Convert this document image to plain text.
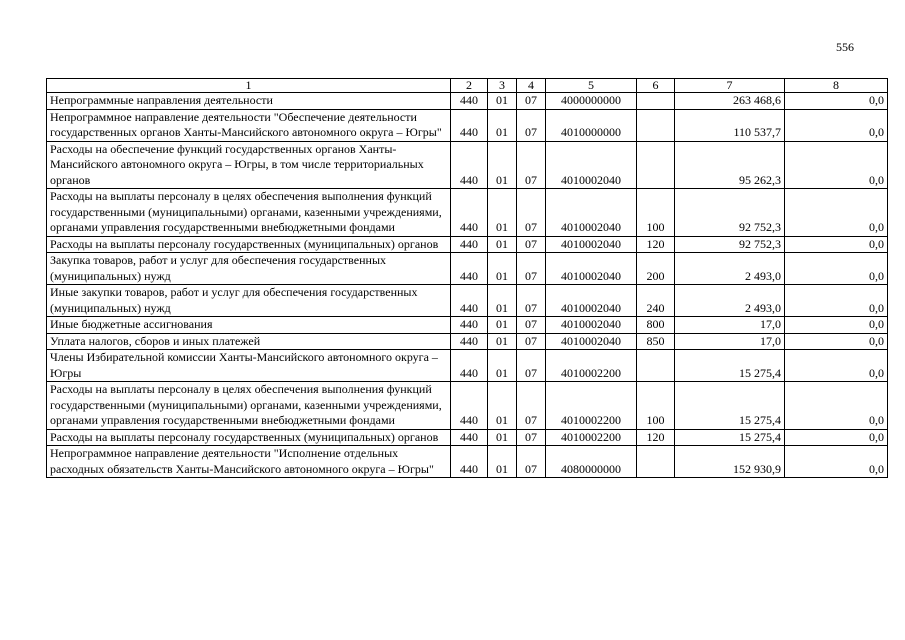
556
1	2	3	4	5	6	7	8
Непрограммные направления деятельности	440	01	07	4000000000		263 468,6	0,0
Непрограммное направление деятельности "Обеспечение деятельности государственных органов Ханты-Мансийского автономного округа – Югры"	440	01	07	4010000000		110 537,7	0,0
Расходы на обеспечение функций государственных органов Ханты-Мансийского автономного округа – Югры, в том числе территориальных органов	440	01	07	4010002040		95 262,3	0,0
Расходы на выплаты персоналу в целях обеспечения выполнения функций государственными (муниципальными) органами, казенными учреждениями, органами управления государственными внебюджетными фондами	440	01	07	4010002040	100	92 752,3	0,0
Расходы на выплаты персоналу государственных (муниципальных) органов	440	01	07	4010002040	120	92 752,3	0,0
Закупка товаров, работ и услуг для обеспечения государственных (муниципальных) нужд	440	01	07	4010002040	200	2 493,0	0,0
Иные закупки товаров, работ и услуг для обеспечения государственных (муниципальных) нужд	440	01	07	4010002040	240	2 493,0	0,0
Иные бюджетные ассигнования	440	01	07	4010002040	800	17,0	0,0
Уплата налогов, сборов и иных платежей	440	01	07	4010002040	850	17,0	0,0
Члены Избирательной комиссии Ханты-Мансийского автономного округа – Югры	440	01	07	4010002200		15 275,4	0,0
Расходы на выплаты персоналу в целях обеспечения выполнения функций государственными (муниципальными) органами, казенными учреждениями, органами управления государственными внебюджетными фондами	440	01	07	4010002200	100	15 275,4	0,0
Расходы на выплаты персоналу государственных (муниципальных) органов	440	01	07	4010002200	120	15 275,4	0,0
Непрограммное направление деятельности "Исполнение отдельных расходных обязательств Ханты-Мансийского автономного округа – Югры"	440	01	07	4080000000		152 930,9	0,0
